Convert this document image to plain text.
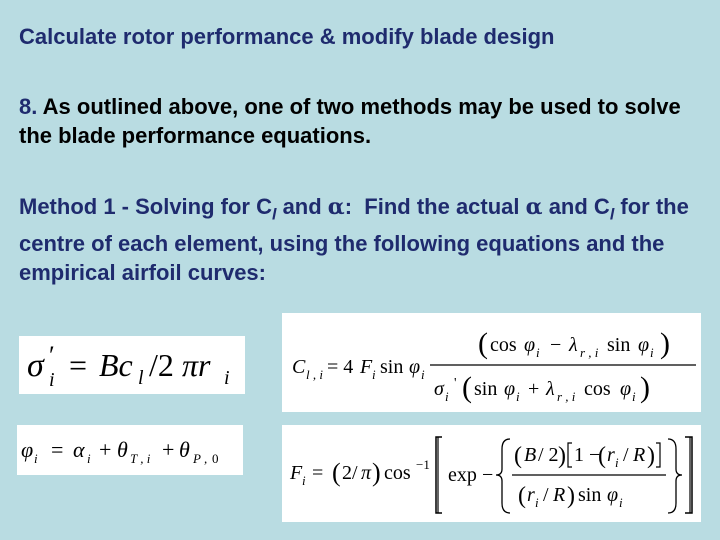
Calculate rotor performance & modify blade design
8. As outlined above, one of two methods may be used to solve the blade performance equations.
Method 1 - Solving for $C_l$ and α:  Find the actual α and $C_l$ for the centre of each element, using the following equations and the empirical airfoil curves:
σ ′
i = Bc l /2 πr i	C l , i = 4 F i sin φ i
( cos φ i − λ r , i sin φ i )
σ i
' ( sin φ i + λ r , i cos φ i )
φ i = α i + θ T , i + θ P , 0
F i = ( 2/ π ) cos −1 exp −
( B / 2 ) 1 −
( r i / R )
( r i / R ) sin φ i
